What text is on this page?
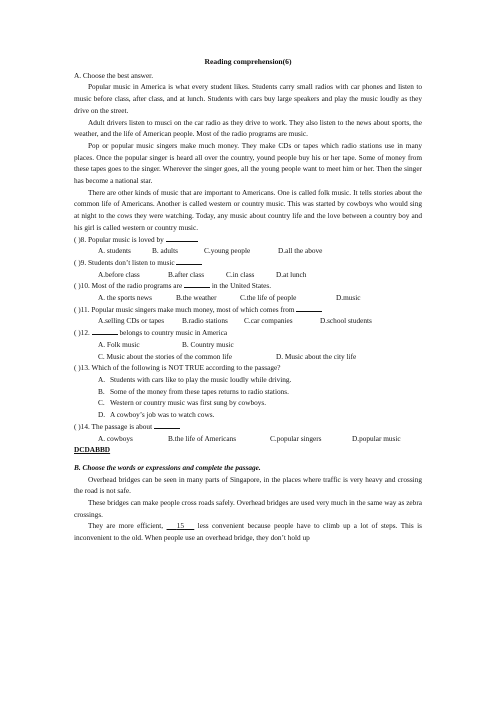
Reading comprehension(6)
A. Choose the best answer.

Popular music in America is what every student likes. Students carry small radios with car phones and listen to music before class, after class, and at lunch. Students with cars buy large speakers and play the music loudly as they drive on the street.

Adult drivers listen to musci on the car radio as they drive to work. They also listen to the news about sports, the weather, and the life of American people. Most of the radio programs are music.

Pop or popular music singers make much money. They make CDs or tapes which radio stations use in many places. Once the popular singer is heard all over the country, yound people buy his or her tape. Some of money from these tapes goes to the singer. Wherever the singer goes, all the young people want to meet him or her. Then the singer has become a national star.

There are other kinds of music that are important to Americans. One is called folk music. It tells stories about the common life of Americans. Another is called western or country music. This was started by cowboys who would sing at night to the cows they were watching. Today, any music about country life and the love between a country boy and his girl is called western or country music.

( )8. Popular music is loved by
A. students	B. adults	C.young people	D.all the above
( )9. Students don’t listen to music
A.before class	B.after class	C.in class	D.at lunch
( )10. Most of the radio programs are	in the United States.
A. the sports news	B.the weather	C.the life of people	D.music
( )11. Popular music singers make much money, most of which comes from
A.selling CDs or tapes B.radio stations C.car companies	D.school students
( )12.	belongs to country music in America
A. Folk music	B. Country music
C. Music about the stories of the common life	D. Music about the city life
( )13. Which of the following is NOT TRUE according to the passage?
A. Students with cars like to play the music loudly while driving.
B. Some of the money from these tapes returns to radio stations.
C. Western or country music was first sung by cowboys.
D. A cowboy’s job was to watch cows.
( )14. The passage is about
A. cowboys	B.the life of Americans	C.popular singers	D.popular music
DCDABBD
B. Choose the words or expressions and complete the passage.

Overhead bridges can be seen in many parts of Singapore, in the places where traffic is very heavy and crossing the road is not safe.

These bridges can make people cross roads safely. Overhead bridges are used very much in the same way as zebra crossings.

They are more efficient, 15 less convenient because people have to climb up a lot of steps. This is inconvenient to the old. When people use an overhead bridge, they don’t hold up
